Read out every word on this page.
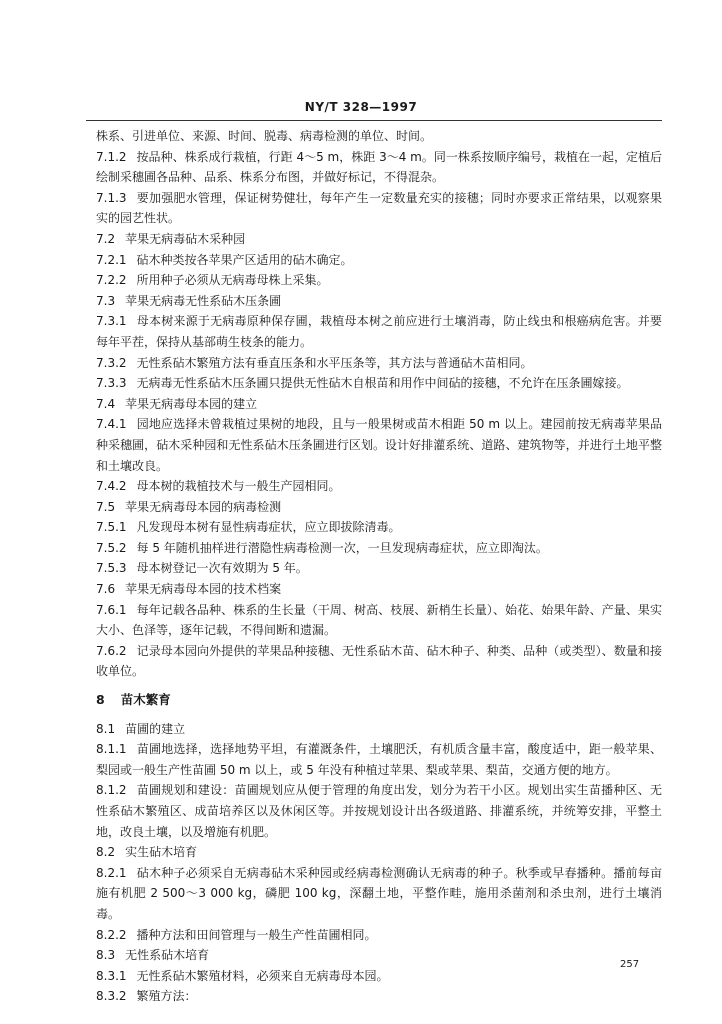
NY/T 328—1997

株系、引进单位、来源、时间、脱毒、病毒检测的单位、时间。

7.1.2 按品种、株系成行栽植，行距 4～5 m，株距 3～4 m。同一株系按顺序编号，栽植在一起，定植后绘制采穗圃各品种、品系、株系分布图，并做好标记，不得混杂。

7.1.3 要加强肥水管理，保证树势健壮，每年产生一定数量充实的接穗；同时亦要求正常结果，以观察果实的园艺性状。

7.2 苹果无病毒砧木采种园

7.2.1 砧木种类按各苹果产区适用的砧木确定。

7.2.2 所用种子必须从无病毒母株上采集。

7.3 苹果无病毒无性系砧木压条圃

7.3.1 母本树来源于无病毒原种保存圃，栽植母本树之前应进行土壤消毒，防止线虫和根癌病危害。并要每年平茬，保持从基部萌生枝条的能力。

7.3.2 无性系砧木繁殖方法有垂直压条和水平压条等，其方法与普通砧木苗相同。

7.3.3 无病毒无性系砧木压条圃只提供无性砧木自根苗和用作中间砧的接穗，不允许在压条圃嫁接。

7.4 苹果无病毒母本园的建立

7.4.1 园地应选择未曾栽植过果树的地段，且与一般果树或苗木相距 50 m 以上。建园前按无病毒苹果品种采穗圃，砧木采种园和无性系砧木压条圃进行区划。设计好排灌系统、道路、建筑物等，并进行土地平整和土壤改良。

7.4.2 母本树的栽植技术与一般生产园相同。

7.5 苹果无病毒母本园的病毒检测

7.5.1 凡发现母本树有显性病毒症状，应立即拔除清毒。

7.5.2 每 5 年随机抽样进行潜隐性病毒检测一次，一旦发现病毒症状，应立即淘汰。

7.5.3 母本树登记一次有效期为 5 年。

7.6 苹果无病毒母本园的技术档案

7.6.1 每年记载各品种、株系的生长量（干周、树高、枝展、新梢生长量）、始花、始果年龄、产量、果实大小、色泽等，逐年记载，不得间断和遗漏。

7.6.2 记录母本园向外提供的苹果品种接穗、无性系砧木苗、砧木种子、种类、品种（或类型）、数量和接收单位。

8 苗木繁育

8.1 苗圃的建立

8.1.1 苗圃地选择，选择地势平坦，有灌溉条件，土壤肥沃，有机质含量丰富，酸度适中，距一般苹果、梨园或一般生产性苗圃 50 m 以上，或 5 年没有种植过苹果、梨或苹果、梨苗，交通方便的地方。

8.1.2 苗圃规划和建设：苗圃规划应从便于管理的角度出发，划分为若干小区。规划出实生苗播种区、无性系砧木繁殖区、成苗培养区以及休闲区等。并按规划设计出各级道路、排灌系统，并统筹安排，平整土地，改良土壤，以及增施有机肥。

8.2 实生砧木培育

8.2.1 砧木种子必须采自无病毒砧木采种园或经病毒检测确认无病毒的种子。秋季或早春播种。播前每亩施有机肥 2 500～3 000 kg，磷肥 100 kg，深翻土地，平整作畦，施用杀菌剂和杀虫剂，进行土壤消毒。

8.2.2 播种方法和田间管理与一般生产性苗圃相同。

8.3 无性系砧木培育

8.3.1 无性系砧木繁殖材料，必须来自无病毒母本园。

8.3.2 繁殖方法：

257
